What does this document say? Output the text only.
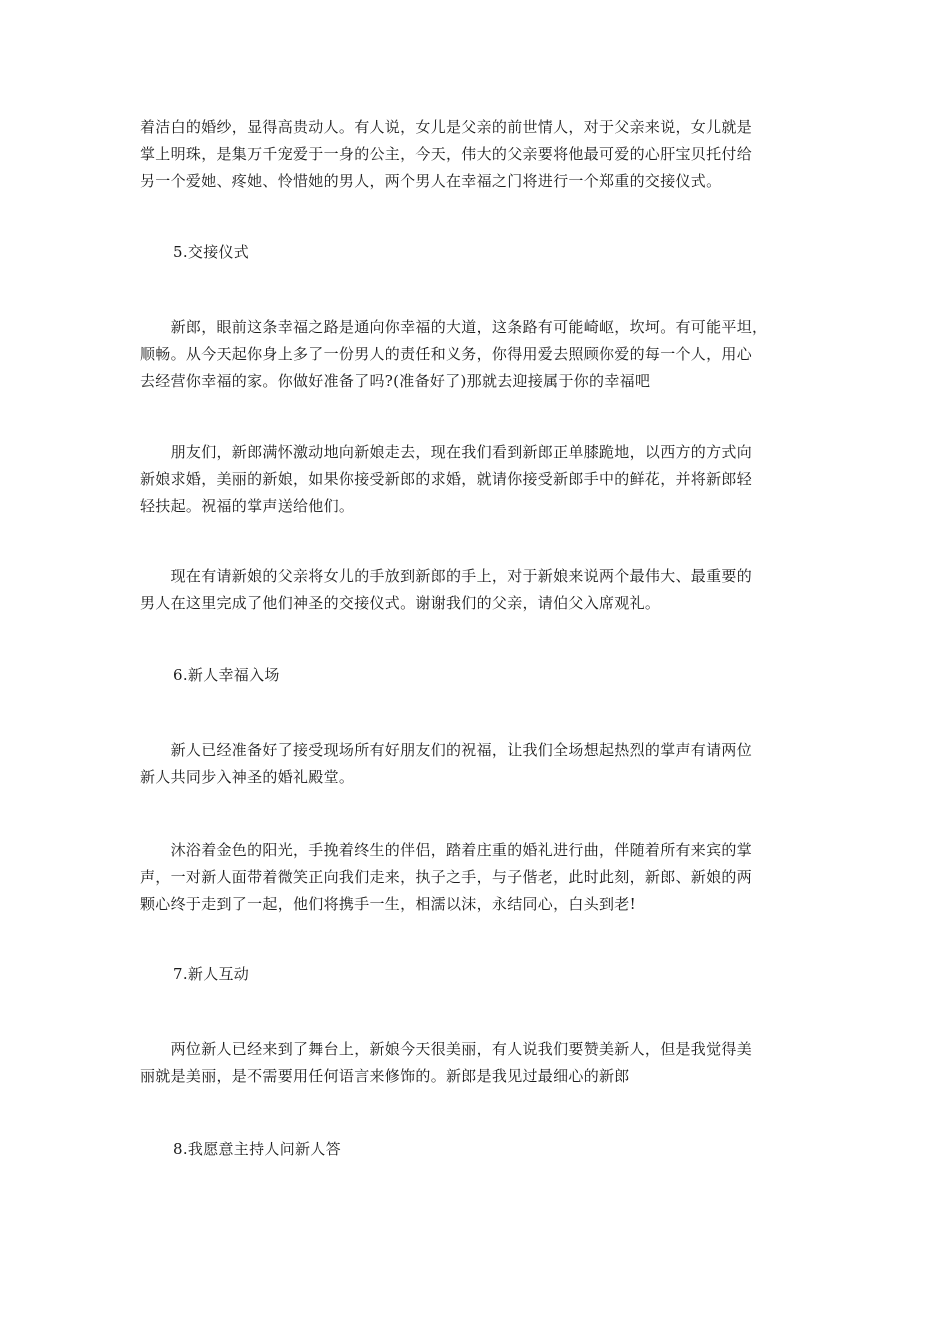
着洁白的婚纱，显得高贵动人。有人说，女儿是父亲的前世情人，对于父亲来说，女儿就是
掌上明珠，是集万千宠爱于一身的公主，今天，伟大的父亲要将他最可爱的心肝宝贝托付给
另一个爱她、疼她、怜惜她的男人，两个男人在幸福之门将进行一个郑重的交接仪式。
5.交接仪式
　　新郎，眼前这条幸福之路是通向你幸福的大道，这条路有可能崎岖，坎坷。有可能平坦，
顺畅。从今天起你身上多了一份男人的责任和义务，你得用爱去照顾你爱的每一个人，用心
去经营你幸福的家。你做好准备了吗?(准备好了)那就去迎接属于你的幸福吧
　　朋友们，新郎满怀激动地向新娘走去，现在我们看到新郎正单膝跪地，以西方的方式向
新娘求婚，美丽的新娘，如果你接受新郎的求婚，就请你接受新郎手中的鲜花，并将新郎轻
轻扶起。祝福的掌声送给他们。
　　现在有请新娘的父亲将女儿的手放到新郎的手上，对于新娘来说两个最伟大、最重要的
男人在这里完成了他们神圣的交接仪式。谢谢我们的父亲，请伯父入席观礼。
6.新人幸福入场
　　新人已经准备好了接受现场所有好朋友们的祝福，让我们全场想起热烈的掌声有请两位
新人共同步入神圣的婚礼殿堂。
　　沐浴着金色的阳光，手挽着终生的伴侣，踏着庄重的婚礼进行曲，伴随着所有来宾的掌
声，一对新人面带着微笑正向我们走来，执子之手，与子偕老，此时此刻，新郎、新娘的两
颗心终于走到了一起，他们将携手一生，相濡以沫，永结同心，白头到老!
7.新人互动
　　两位新人已经来到了舞台上，新娘今天很美丽，有人说我们要赞美新人，但是我觉得美
丽就是美丽，是不需要用任何语言来修饰的。新郎是我见过最细心的新郎
8.我愿意主持人问新人答
